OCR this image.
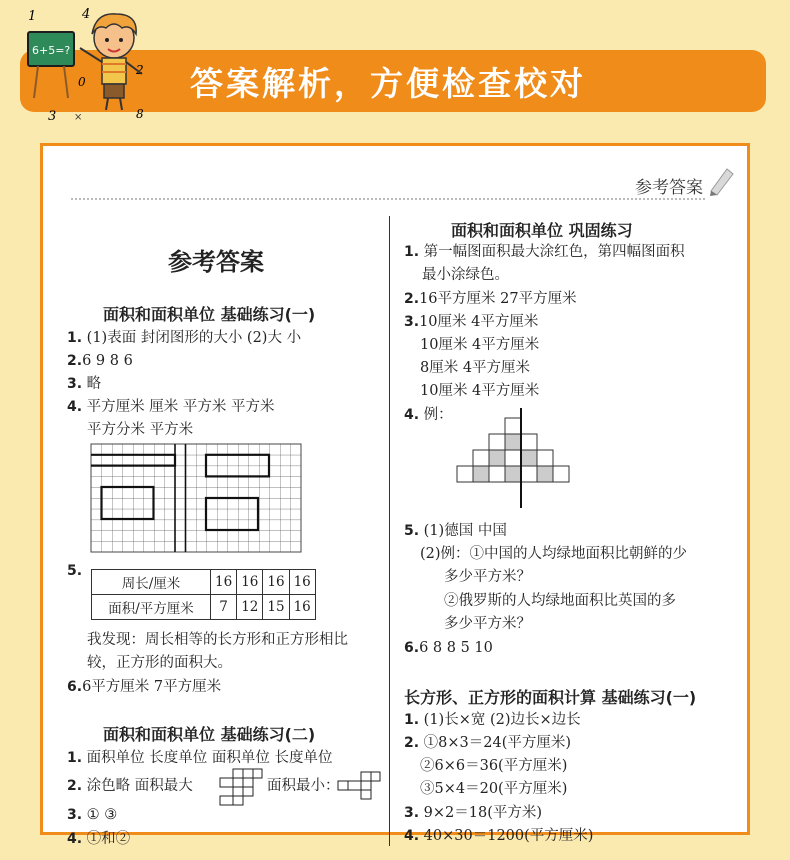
答案解析，方便检查校对
1	4
0
2
3	8
×
6+5=?
参考答案
参考答案
面积和面积单位 基础练习(一)
1. (1)表面 封闭图形的大小 (2)大 小
2.6 9 8 6
3. 略
4. 平方厘米 厘米 平方米 平方米
平方分米 平方米
5.
周长/厘米	16	16	16	16
面积/平方厘米	7	12	15	16
我发现：周长相等的长方形和正方形相比
较，正方形的面积大。
6.6平方厘米 7平方厘米
面积和面积单位 基础练习(二)
1. 面积单位 长度单位 面积单位 长度单位
2. 涂色略 面积最大	面积最小：
3. ① ③
4. ①和②
面积和面积单位 巩固练习
1. 第一幅图面积最大涂红色，第四幅图面积
最小涂绿色。
2.16平方厘米 27平方厘米
3.10厘米 4平方厘米
10厘米 4平方厘米
8厘米 4平方厘米
10厘米 4平方厘米
4. 例：
5. (1)德国 中国
(2)例：①中国的人均绿地面积比朝鲜的少
多少平方米？
②俄罗斯的人均绿地面积比英国的多
多少平方米？
6.6 8 8 5 10
长方形、正方形的面积计算 基础练习(一)
1. (1)长×宽 (2)边长×边长
2. ①8×3＝24(平方厘米)
②6×6＝36(平方厘米)
③5×4＝20(平方厘米)
3. 9×2＝18(平方米)
4. 40×30＝1200(平方厘米)
